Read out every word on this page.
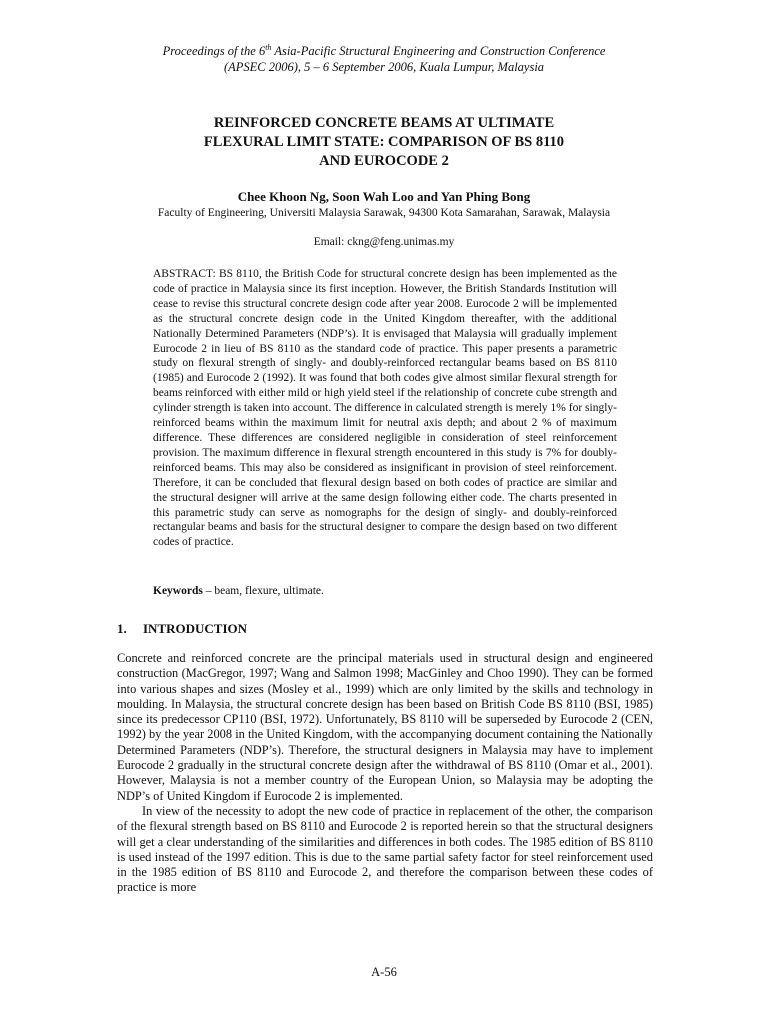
Proceedings of the 6th Asia-Pacific Structural Engineering and Construction Conference
(APSEC 2006), 5 – 6 September 2006, Kuala Lumpur, Malaysia
REINFORCED CONCRETE BEAMS AT ULTIMATE
FLEXURAL LIMIT STATE: COMPARISON OF BS 8110
AND EUROCODE 2
Chee Khoon Ng, Soon Wah Loo and Yan Phing Bong
Faculty of Engineering, Universiti Malaysia Sarawak, 94300 Kota Samarahan, Sarawak, Malaysia
Email: ckng@feng.unimas.my
ABSTRACT: BS 8110, the British Code for structural concrete design has been implemented as the code of practice in Malaysia since its first inception. However, the British Standards Institution will cease to revise this structural concrete design code after year 2008. Eurocode 2 will be implemented as the structural concrete design code in the United Kingdom thereafter, with the additional Nationally Determined Parameters (NDP’s). It is envisaged that Malaysia will gradually implement Eurocode 2 in lieu of BS 8110 as the standard code of practice. This paper presents a parametric study on flexural strength of singly- and doubly-reinforced rectangular beams based on BS 8110 (1985) and Eurocode 2 (1992). It was found that both codes give almost similar flexural strength for beams reinforced with either mild or high yield steel if the relationship of concrete cube strength and cylinder strength is taken into account. The difference in calculated strength is merely 1% for singly-reinforced beams within the maximum limit for neutral axis depth; and about 2 % of maximum difference. These differences are considered negligible in consideration of steel reinforcement provision. The maximum difference in flexural strength encountered in this study is 7% for doubly-reinforced beams. This may also be considered as insignificant in provision of steel reinforcement. Therefore, it can be concluded that flexural design based on both codes of practice are similar and the structural designer will arrive at the same design following either code. The charts presented in this parametric study can serve as nomographs for the design of singly- and doubly-reinforced rectangular beams and basis for the structural designer to compare the design based on two different codes of practice.
Keywords – beam, flexure, ultimate.
1. INTRODUCTION

Concrete and reinforced concrete are the principal materials used in structural design and engineered construction (MacGregor, 1997; Wang and Salmon 1998; MacGinley and Choo 1990). They can be formed into various shapes and sizes (Mosley et al., 1999) which are only limited by the skills and technology in moulding. In Malaysia, the structural concrete design has been based on British Code BS 8110 (BSI, 1985) since its predecessor CP110 (BSI, 1972). Unfortunately, BS 8110 will be superseded by Eurocode 2 (CEN, 1992) by the year 2008 in the United Kingdom, with the accompanying document containing the Nationally Determined Parameters (NDP’s). Therefore, the structural designers in Malaysia may have to implement Eurocode 2 gradually in the structural concrete design after the withdrawal of BS 8110 (Omar et al., 2001). However, Malaysia is not a member country of the European Union, so Malaysia may be adopting the NDP’s of United Kingdom if Eurocode 2 is implemented.

In view of the necessity to adopt the new code of practice in replacement of the other, the comparison of the flexural strength based on BS 8110 and Eurocode 2 is reported herein so that the structural designers will get a clear understanding of the similarities and differences in both codes. The 1985 edition of BS 8110 is used instead of the 1997 edition. This is due to the same partial safety factor for steel reinforcement used in the 1985 edition of BS 8110 and Eurocode 2, and therefore the comparison between these codes of practice is more

A-56
